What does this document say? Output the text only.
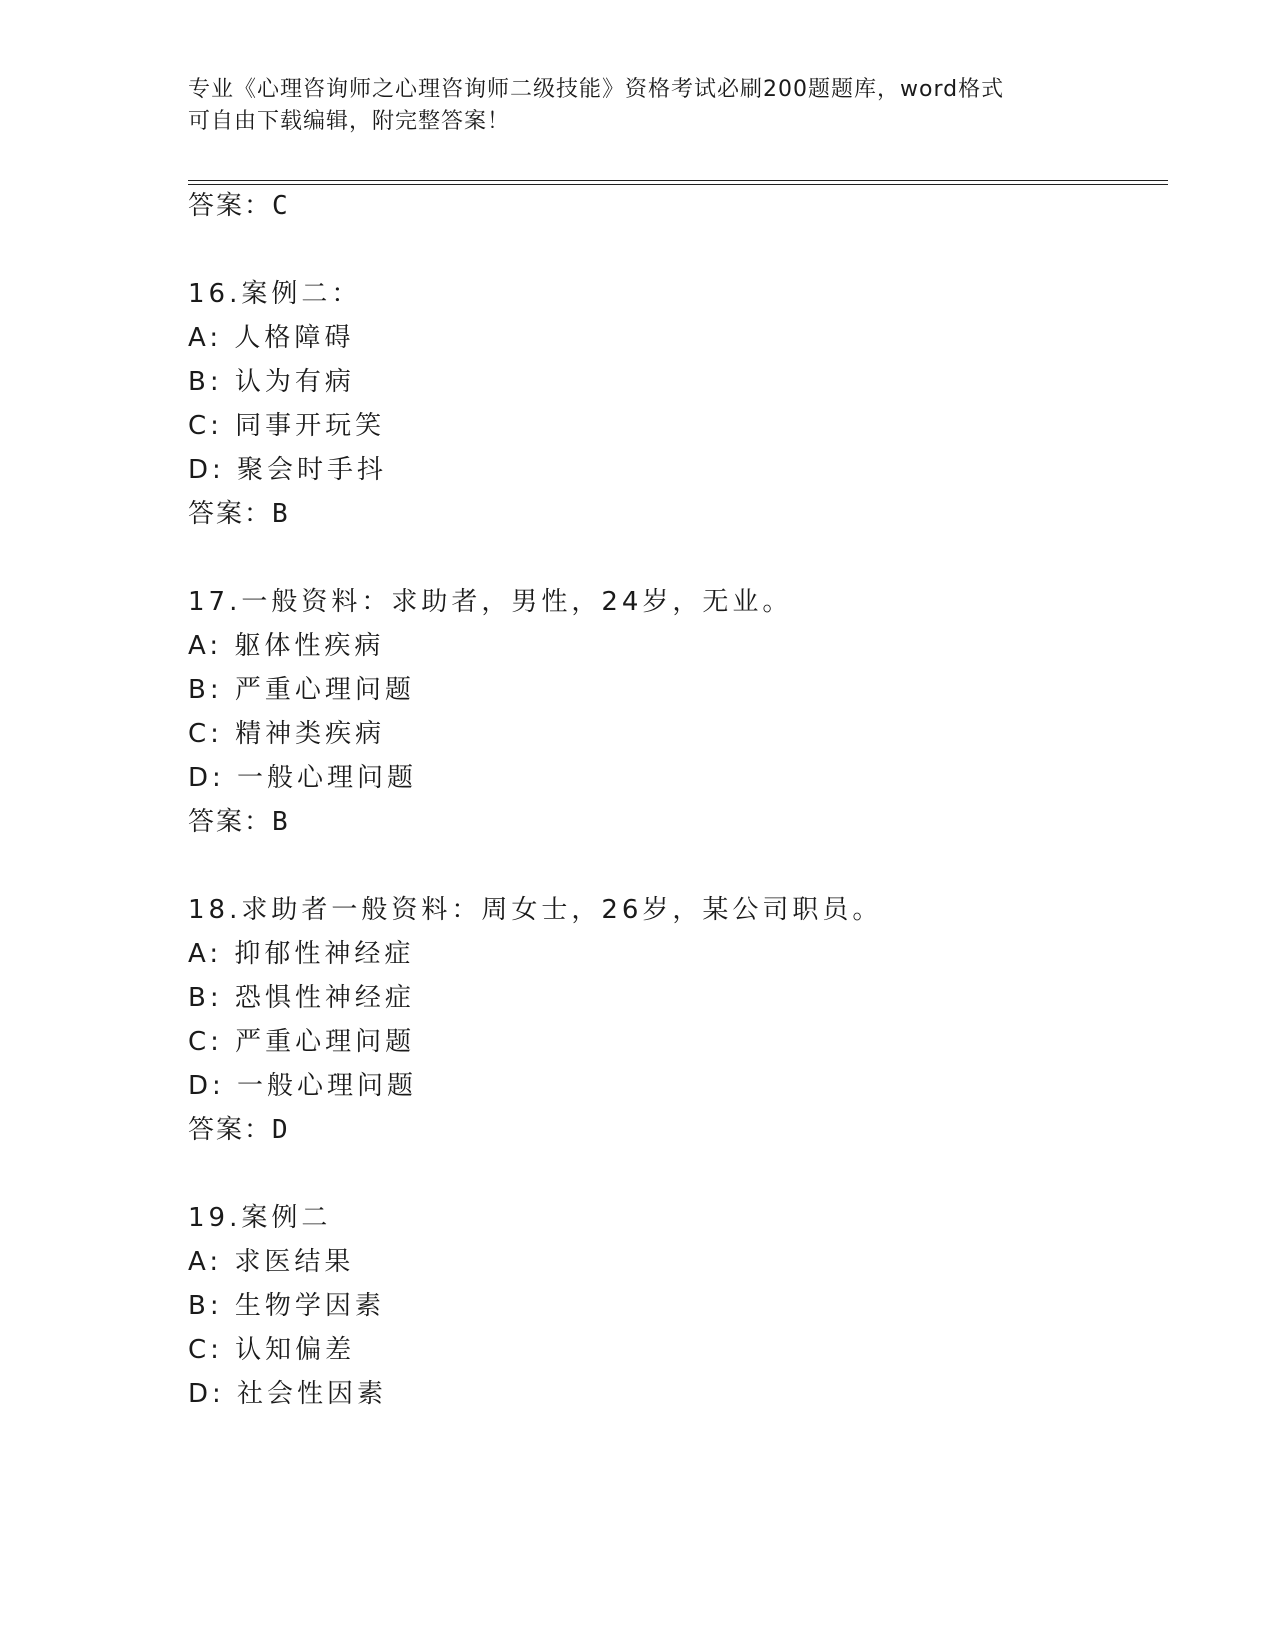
专业《心理咨询师之心理咨询师二级技能》资格考试必刷200题题库，word格式
可自由下载编辑，附完整答案！
答案：C
16.案例二：
A: 人格障碍
B: 认为有病
C: 同事开玩笑
D: 聚会时手抖
答案：B
17.一般资料：求助者，男性，24岁，无业。
A: 躯体性疾病
B: 严重心理问题
C: 精神类疾病
D: 一般心理问题
答案：B
18.求助者一般资料：周女士，26岁，某公司职员。
A: 抑郁性神经症
B: 恐惧性神经症
C: 严重心理问题
D: 一般心理问题
答案：D
19.案例二
A: 求医结果
B: 生物学因素
C: 认知偏差
D: 社会性因素
